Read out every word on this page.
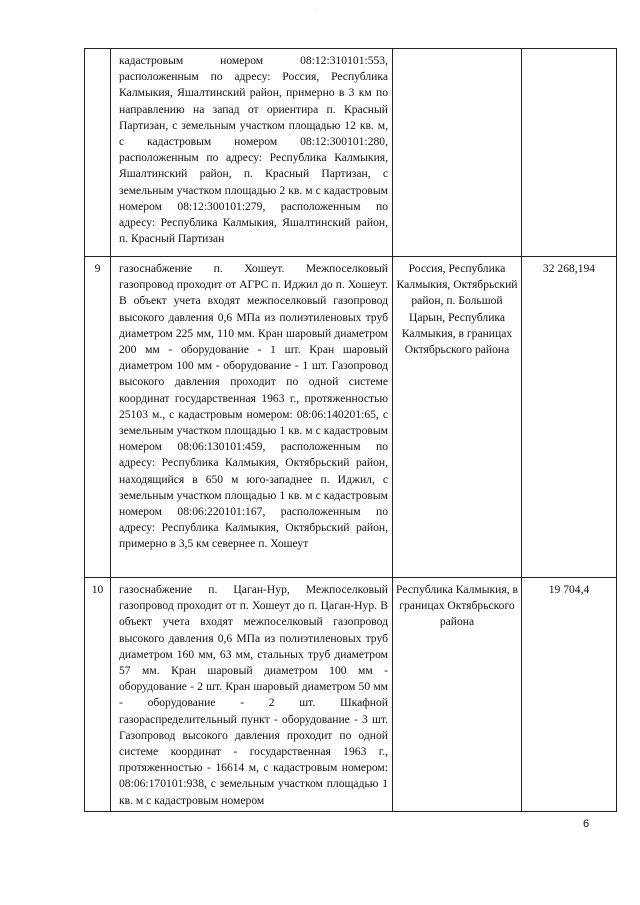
·
	кадастровым номером 08:12:310101:553, расположенным по адресу: Россия, Республика Калмыкия, Яшалтинский район, примерно в 3 км по направлению на запад от ориентира п. Красный Партизан, с земельным участком площадью 12 кв. м, с кадастровым номером 08:12:300101:280, расположенным по адресу: Республика Калмыкия, Яшалтинский район, п. Красный Партизан, с земельным участком площадью 2 кв. м с кадастровым номером 08:12:300101:279, расположенным по адресу: Республика Калмыкия, Яшалтинский район, п. Красный Партизан		
9	газоснабжение п. Хошеут. Межпоселковый газопровод проходит от АГРС п. Иджил до п. Хошеут. В объект учета входят межпоселковый газопровод высокого давления 0,6 МПа из полиэтиленовых труб диаметром 225 мм, 110 мм. Кран шаровый диаметром 200 мм - оборудование - 1 шт. Кран шаровый диаметром 100 мм - оборудование - 1 шт. Газопровод высокого давления проходит по одной системе координат государственная 1963 г., протяженностью 25103 м., с кадастровым номером: 08:06:140201:65, с земельным участком площадью 1 кв. м с кадастровым номером 08:06:130101:459, расположенным по адресу: Республика Калмыкия, Октябрьский район, находящийся в 650 м юго-западнее п. Иджил, с земельным участком площадью 1 кв. м с кадастровым номером 08:06:220101:167, расположенным по адресу: Республика Калмыкия, Октябрьский район, примерно в 3,5 км севернее п. Хошеут	Россия, Республика Калмыкия, Октябрьский район, п. Большой Царын, Республика Калмыкия, в границах Октябрьского района	32 268,194
10	газоснабжение п. Цаган-Нур, Межпоселковый газопровод проходит от п. Хошеут до п. Цаган-Нур. В объект учета входят межпоселковый газопровод высокого давления 0,6 МПа из полиэтиленовых труб диаметром 160 мм, 63 мм, стальных труб диаметром 57 мм. Кран шаровый диаметром 100 мм - оборудование - 2 шт. Кран шаровый диаметром 50 мм - оборудование - 2 шт. Шкафной газораспределительный пункт - оборудование - 3 шт. Газопровод высокого давления проходит по одной системе координат - государственная 1963 г., протяженностью - 16614 м, с кадастровым номером: 08:06:170101:938, с земельным участком площадью 1 кв. м с кадастровым номером	Республика Калмыкия, в границах Октябрьского района	19 704,4
6
